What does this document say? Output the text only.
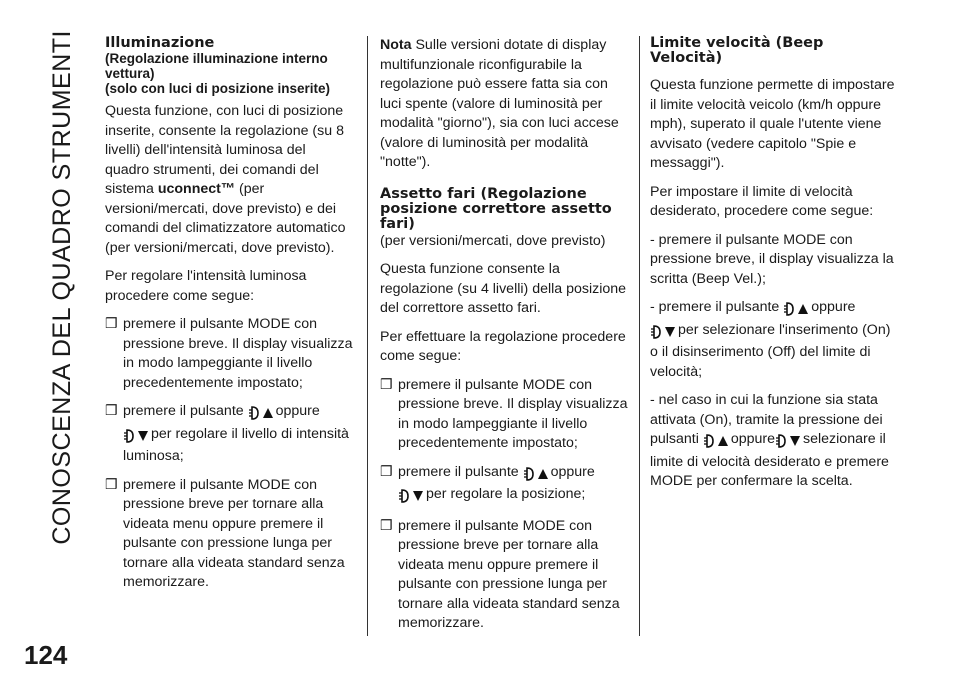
CONOSCENZA DEL QUADRO STRUMENTI
124
Illuminazione
(Regolazione illuminazione interno vettura)
(solo con luci di posizione inserite)

Questa funzione, con luci di posizione inserite, consente la regolazione (su 8 livelli) dell'intensità luminosa del quadro strumenti, dei comandi del sistema uconnect™ (per versioni/mercati, dove previsto) e dei comandi del climatizzatore automatico (per versioni/mercati, dove previsto).

Per regolare l'intensità luminosa procedere come segue:

❒ premere il pulsante MODE con pressione breve. Il display visualizza in modo lampeggiante il livello precedentemente impostato;
❒ premere il pulsante oppure
per regolare il livello di intensità luminosa;
❒ premere il pulsante MODE con pressione breve per tornare alla videata menu oppure premere il pulsante con pressione lunga per tornare alla videata standard senza memorizzare.

Nota Sulle versioni dotate di display multifunzionale riconfigurabile la regolazione può essere fatta sia con luci spente (valore di luminosità per modalità "giorno"), sia con luci accese (valore di luminosità per modalità "notte").

Assetto fari (Regolazione posizione correttore assetto fari)

(per versioni/mercati, dove previsto)

Questa funzione consente la regolazione (su 4 livelli) della posizione del correttore assetto fari.

Per effettuare la regolazione procedere come segue:

❒ premere il pulsante MODE con pressione breve. Il display visualizza in modo lampeggiante il livello precedentemente impostato;
❒ premere il pulsante oppure
per regolare la posizione;
❒ premere il pulsante MODE con pressione breve per tornare alla videata menu oppure premere il pulsante con pressione lunga per tornare alla videata standard senza memorizzare.
Limite velocità (Beep Velocità)

Questa funzione permette di impostare il limite velocità veicolo (km/h oppure mph), superato il quale l'utente viene avvisato (vedere capitolo "Spie e messaggi").

Per impostare il limite di velocità desiderato, procedere come segue:

- premere il pulsante MODE con pressione breve, il display visualizza la scritta (Beep Vel.);

- premere il pulsante oppure
per selezionare l'inserimento (On) o il disinserimento (Off) del limite di velocità;

- nel caso in cui la funzione sia stata attivata (On), tramite la pressione dei pulsanti oppure selezionare il limite di velocità desiderato e premere MODE per confermare la scelta.
